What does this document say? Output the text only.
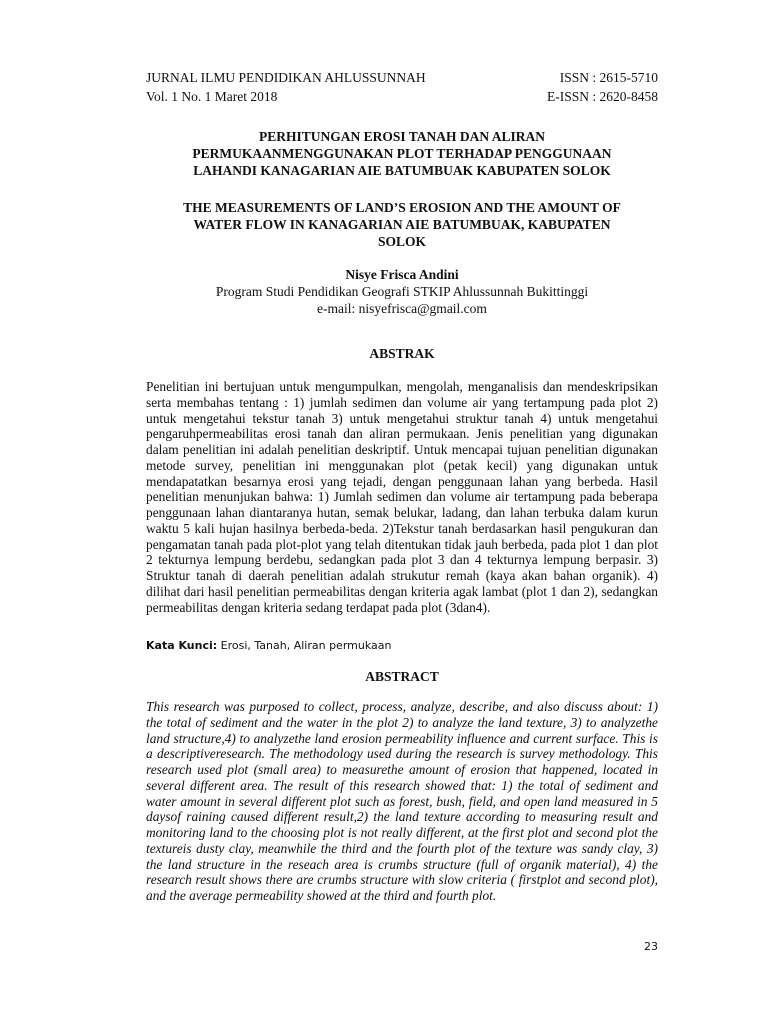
JURNAL ILMU PENDIDIKAN AHLUSSUNNAH	ISSN : 2615-5710
Vol. 1 No. 1 Maret 2018	E-ISSN : 2620-8458
PERHITUNGAN EROSI TANAH DAN ALIRAN
PERMUKAANMENGGUNAKAN PLOT TERHADAP PENGGUNAAN
LAHANDI KANAGARIAN AIE BATUMBUAK KABUPATEN SOLOK
THE MEASUREMENTS OF LAND’S EROSION AND THE AMOUNT OF
WATER FLOW IN KANAGARIAN AIE BATUMBUAK, KABUPATEN
SOLOK
Nisye Frisca Andini
Program Studi Pendidikan Geografi STKIP Ahlussunnah Bukittinggi
e-mail: nisyefrisca@gmail.com
ABSTRAK
Penelitian ini bertujuan untuk mengumpulkan, mengolah, menganalisis dan mendeskripsikan serta membahas tentang : 1) jumlah sedimen dan volume air yang tertampung pada plot 2) untuk mengetahui tekstur tanah 3) untuk mengetahui struktur tanah 4) untuk mengetahui pengaruhpermeabilitas erosi tanah dan aliran permukaan. Jenis penelitian yang digunakan dalam penelitian ini adalah penelitian deskriptif. Untuk mencapai tujuan penelitian digunakan metode survey, penelitian ini menggunakan plot (petak kecil) yang digunakan untuk mendapatatkan besarnya erosi yang tejadi, dengan penggunaan lahan yang berbeda. Hasil penelitian menunjukan bahwa: 1) Jumlah sedimen dan volume air tertampung pada beberapa penggunaan lahan diantaranya hutan, semak belukar, ladang, dan lahan terbuka dalam kurun waktu 5 kali hujan hasilnya berbeda-beda. 2)Tekstur tanah berdasarkan hasil pengukuran dan pengamatan tanah pada plot-plot yang telah ditentukan tidak jauh berbeda, pada plot 1 dan plot 2 tekturnya lempung berdebu, sedangkan pada plot 3 dan 4 tekturnya lempung berpasir. 3) Struktur tanah di daerah penelitian adalah strukutur remah (kaya akan bahan organik). 4) dilihat dari hasil penelitian permeabilitas dengan kriteria agak lambat (plot 1 dan 2), sedangkan permeabilitas dengan kriteria sedang terdapat pada plot (3dan4).
Kata Kunci: Erosi, Tanah, Aliran permukaan
ABSTRACT
This research was purposed to collect, process, analyze, describe, and also discuss about: 1) the total of sediment and the water in the plot 2) to analyze the land texture, 3) to analyzethe land structure,4) to analyzethe land erosion permeability influence and current surface. This is a descriptiveresearch. The methodology used during the research is survey methodology. This research used plot (small area) to measurethe amount of erosion that happened, located in several different area. The result of this research showed that: 1) the total of sediment and water amount in several different plot such as forest, bush, field, and open land measured in 5 daysof raining caused different result,2) the land texture according to measuring result and monitoring land to the choosing plot is not really different, at the first plot and second plot the textureis dusty clay, meanwhile the third and the fourth plot of the texture was sandy clay, 3) the land structure in the reseach area is crumbs structure (full of organik material), 4) the research result shows there are crumbs structure with slow criteria ( firstplot and second plot), and the average permeability showed at the third and fourth plot.
23
